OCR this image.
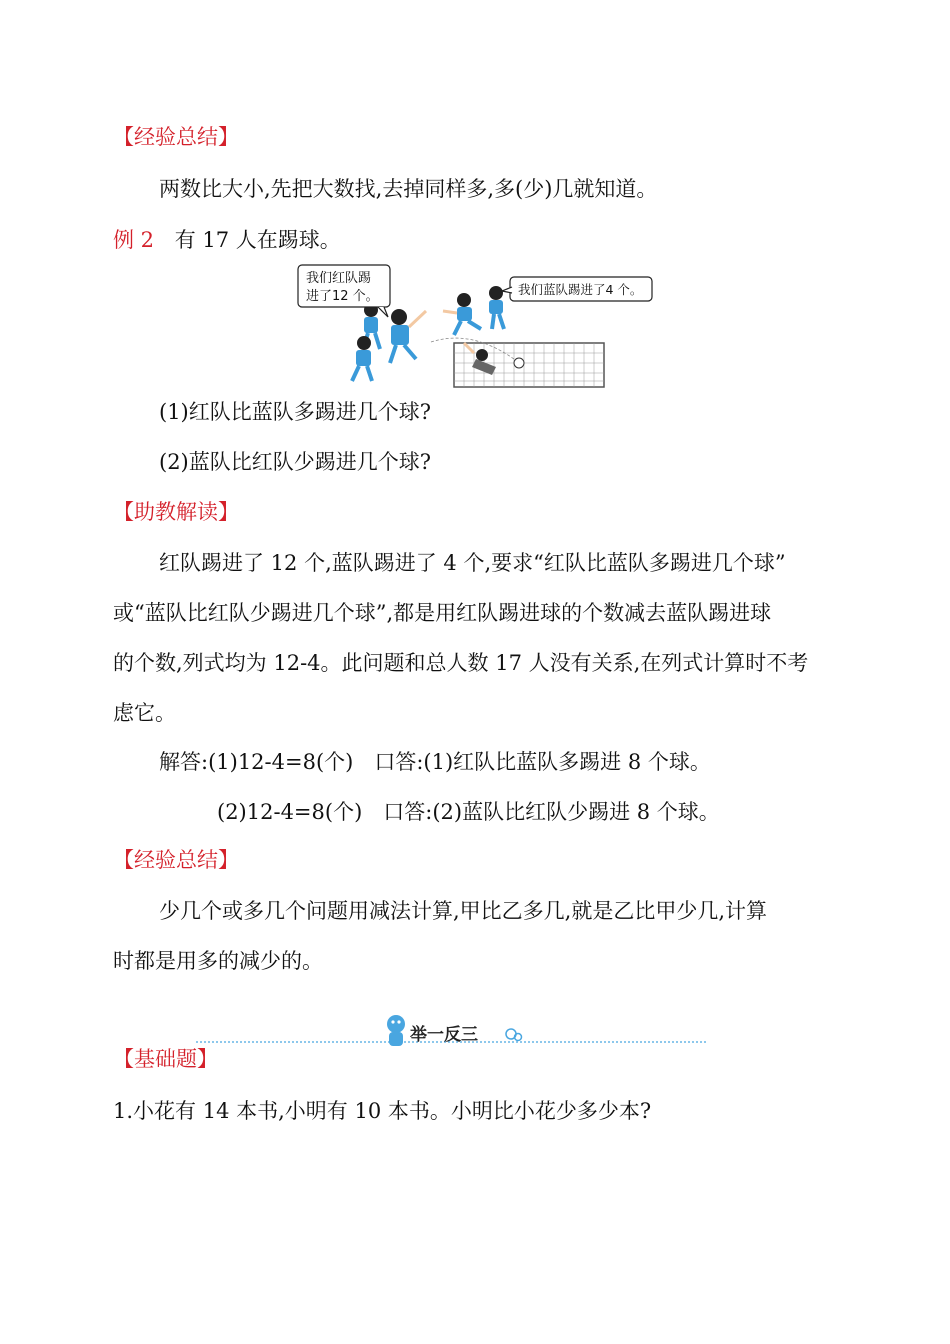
【经验总结】
两数比大小,先把大数找,去掉同样多,多(少)几就知道。
例 2 有 17 人在踢球。
我们红队踢
进了12 个。	我们蓝队踢进了4 个。
(1)红队比蓝队多踢进几个球?
(2)蓝队比红队少踢进几个球?
【助教解读】
红队踢进了 12 个,蓝队踢进了 4 个,要求“红队比蓝队多踢进几个球”
或“蓝队比红队少踢进几个球”,都是用红队踢进球的个数减去蓝队踢进球
的个数,列式均为 12-4。此问题和总人数 17 人没有关系,在列式计算时不考
虑它。
解答:(1)12-4=8(个)　口答:(1)红队比蓝队多踢进 8 个球。
(2)12-4=8(个)　口答:(2)蓝队比红队少踢进 8 个球。
【经验总结】
少几个或多几个问题用减法计算,甲比乙多几,就是乙比甲少几,计算
时都是用多的减少的。
举一反三
【基础题】
1.小花有 14 本书,小明有 10 本书。小明比小花少多少本?
